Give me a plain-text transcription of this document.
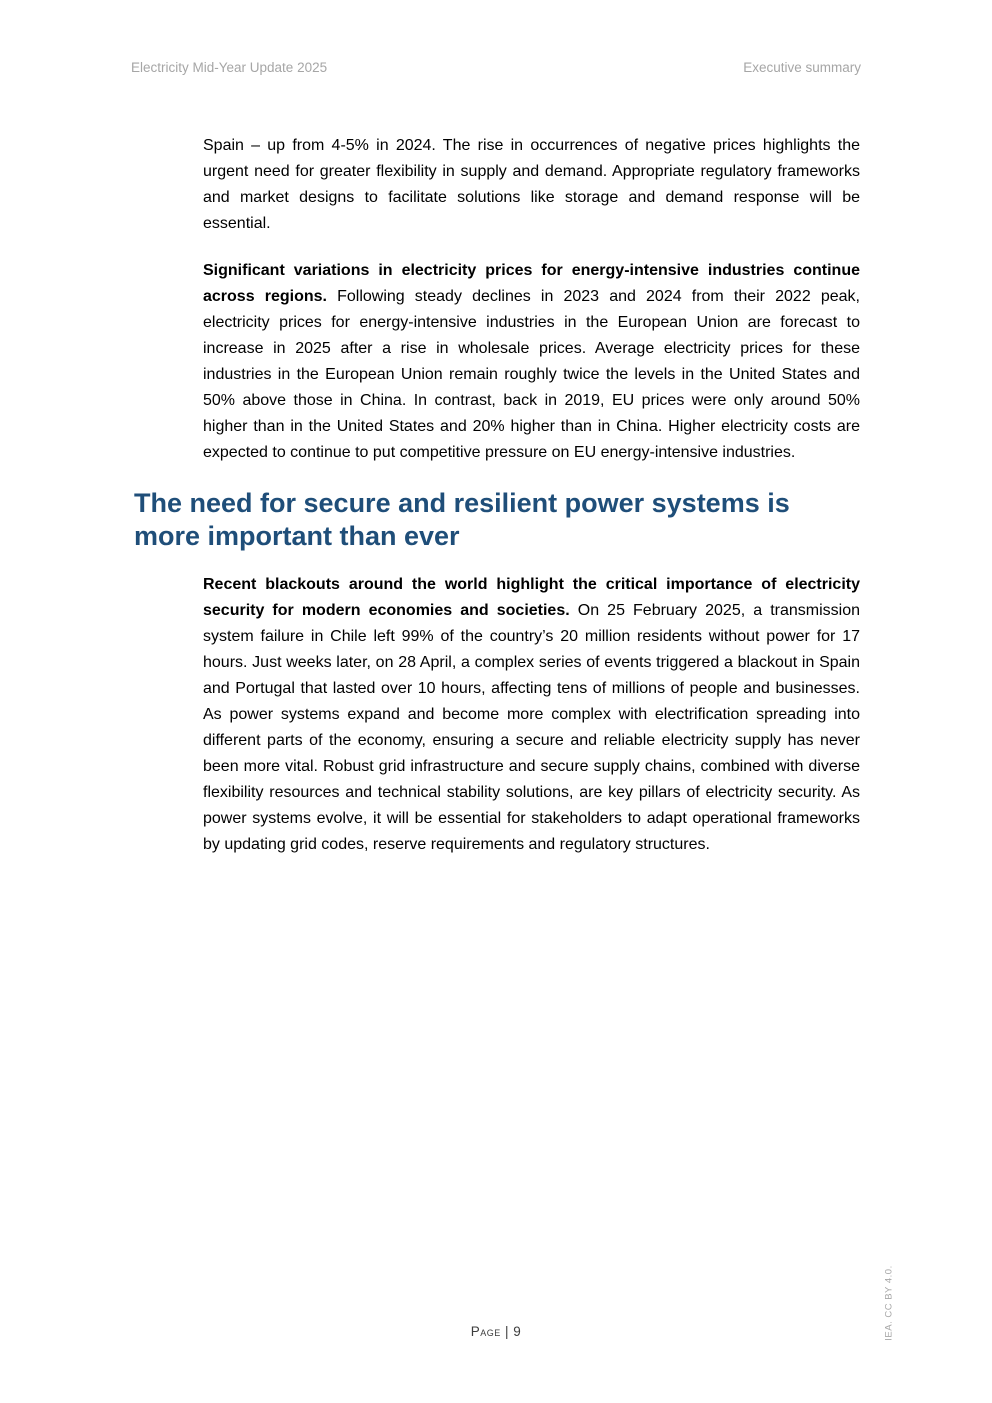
Electricity Mid-Year Update 2025	Executive summary

Spain – up from 4-5% in 2024. The rise in occurrences of negative prices highlights the urgent need for greater flexibility in supply and demand. Appropriate regulatory frameworks and market designs to facilitate solutions like storage and demand response will be essential.

Significant variations in electricity prices for energy-intensive industries continue across regions. Following steady declines in 2023 and 2024 from their 2022 peak, electricity prices for energy-intensive industries in the European Union are forecast to increase in 2025 after a rise in wholesale prices. Average electricity prices for these industries in the European Union remain roughly twice the levels in the United States and 50% above those in China. In contrast, back in 2019, EU prices were only around 50% higher than in the United States and 20% higher than in China. Higher electricity costs are expected to continue to put competitive pressure on EU energy-intensive industries.

The need for secure and resilient power systems is more important than ever

Recent blackouts around the world highlight the critical importance of electricity security for modern economies and societies. On 25 February 2025, a transmission system failure in Chile left 99% of the country’s 20 million residents without power for 17 hours. Just weeks later, on 28 April, a complex series of events triggered a blackout in Spain and Portugal that lasted over 10 hours, affecting tens of millions of people and businesses. As power systems expand and become more complex with electrification spreading into different parts of the economy, ensuring a secure and reliable electricity supply has never been more vital. Robust grid infrastructure and secure supply chains, combined with diverse flexibility resources and technical stability solutions, are key pillars of electricity security. As power systems evolve, it will be essential for stakeholders to adapt operational frameworks by updating grid codes, reserve requirements and regulatory structures.

Page | 9	IEA. CC BY 4.0.
